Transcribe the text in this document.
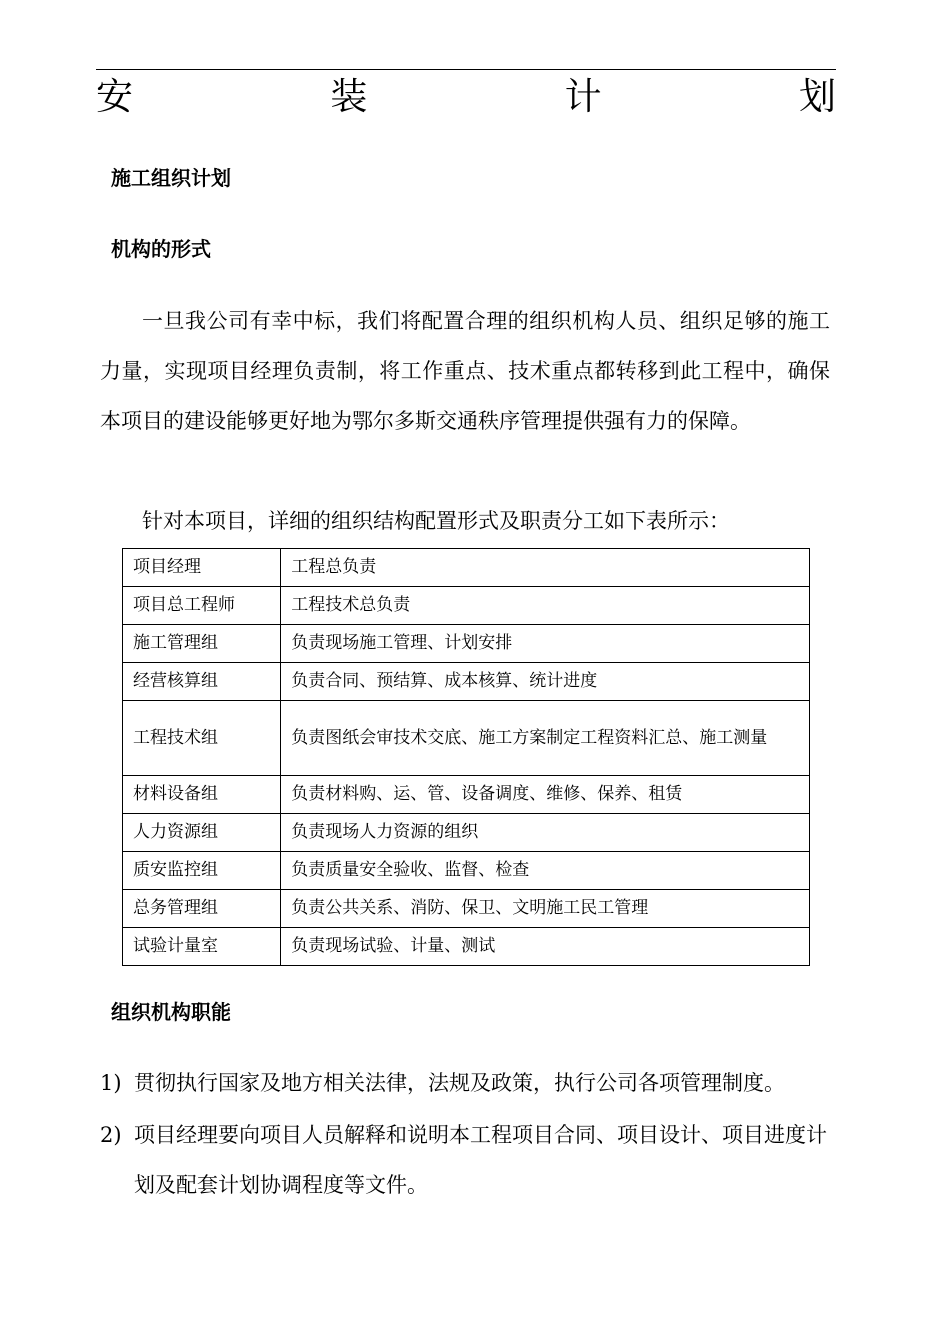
安	装	计	划
施工组织计划
机构的形式

一旦我公司有幸中标，我们将配置合理的组织机构人员、组织足够的施工力量，实现项目经理负责制，将工作重点、技术重点都转移到此工程中，确保本项目的建设能够更好地为鄂尔多斯交通秩序管理提供强有力的保障。

针对本项目，详细的组织结构配置形式及职责分工如下表所示：

项目经理	工程总负责
项目总工程师	工程技术总负责
施工管理组	负责现场施工管理、计划安排
经营核算组	负责合同、预结算、成本核算、统计进度
工程技术组	负责图纸会审技术交底、施工方案制定工程资料汇总、施工测量
材料设备组	负责材料购、运、管、设备调度、维修、保养、租赁
人力资源组	负责现场人力资源的组织
质安监控组	负责质量安全验收、监督、检查
总务管理组	负责公共关系、消防、保卫、文明施工民工管理
试验计量室	负责现场试验、计量、测试
组织机构职能
1) 贯彻执行国家及地方相关法律，法规及政策，执行公司各项管理制度。
2) 项目经理要向项目人员解释和说明本工程项目合同、项目设计、项目进度计划及配套计划协调程度等文件。
